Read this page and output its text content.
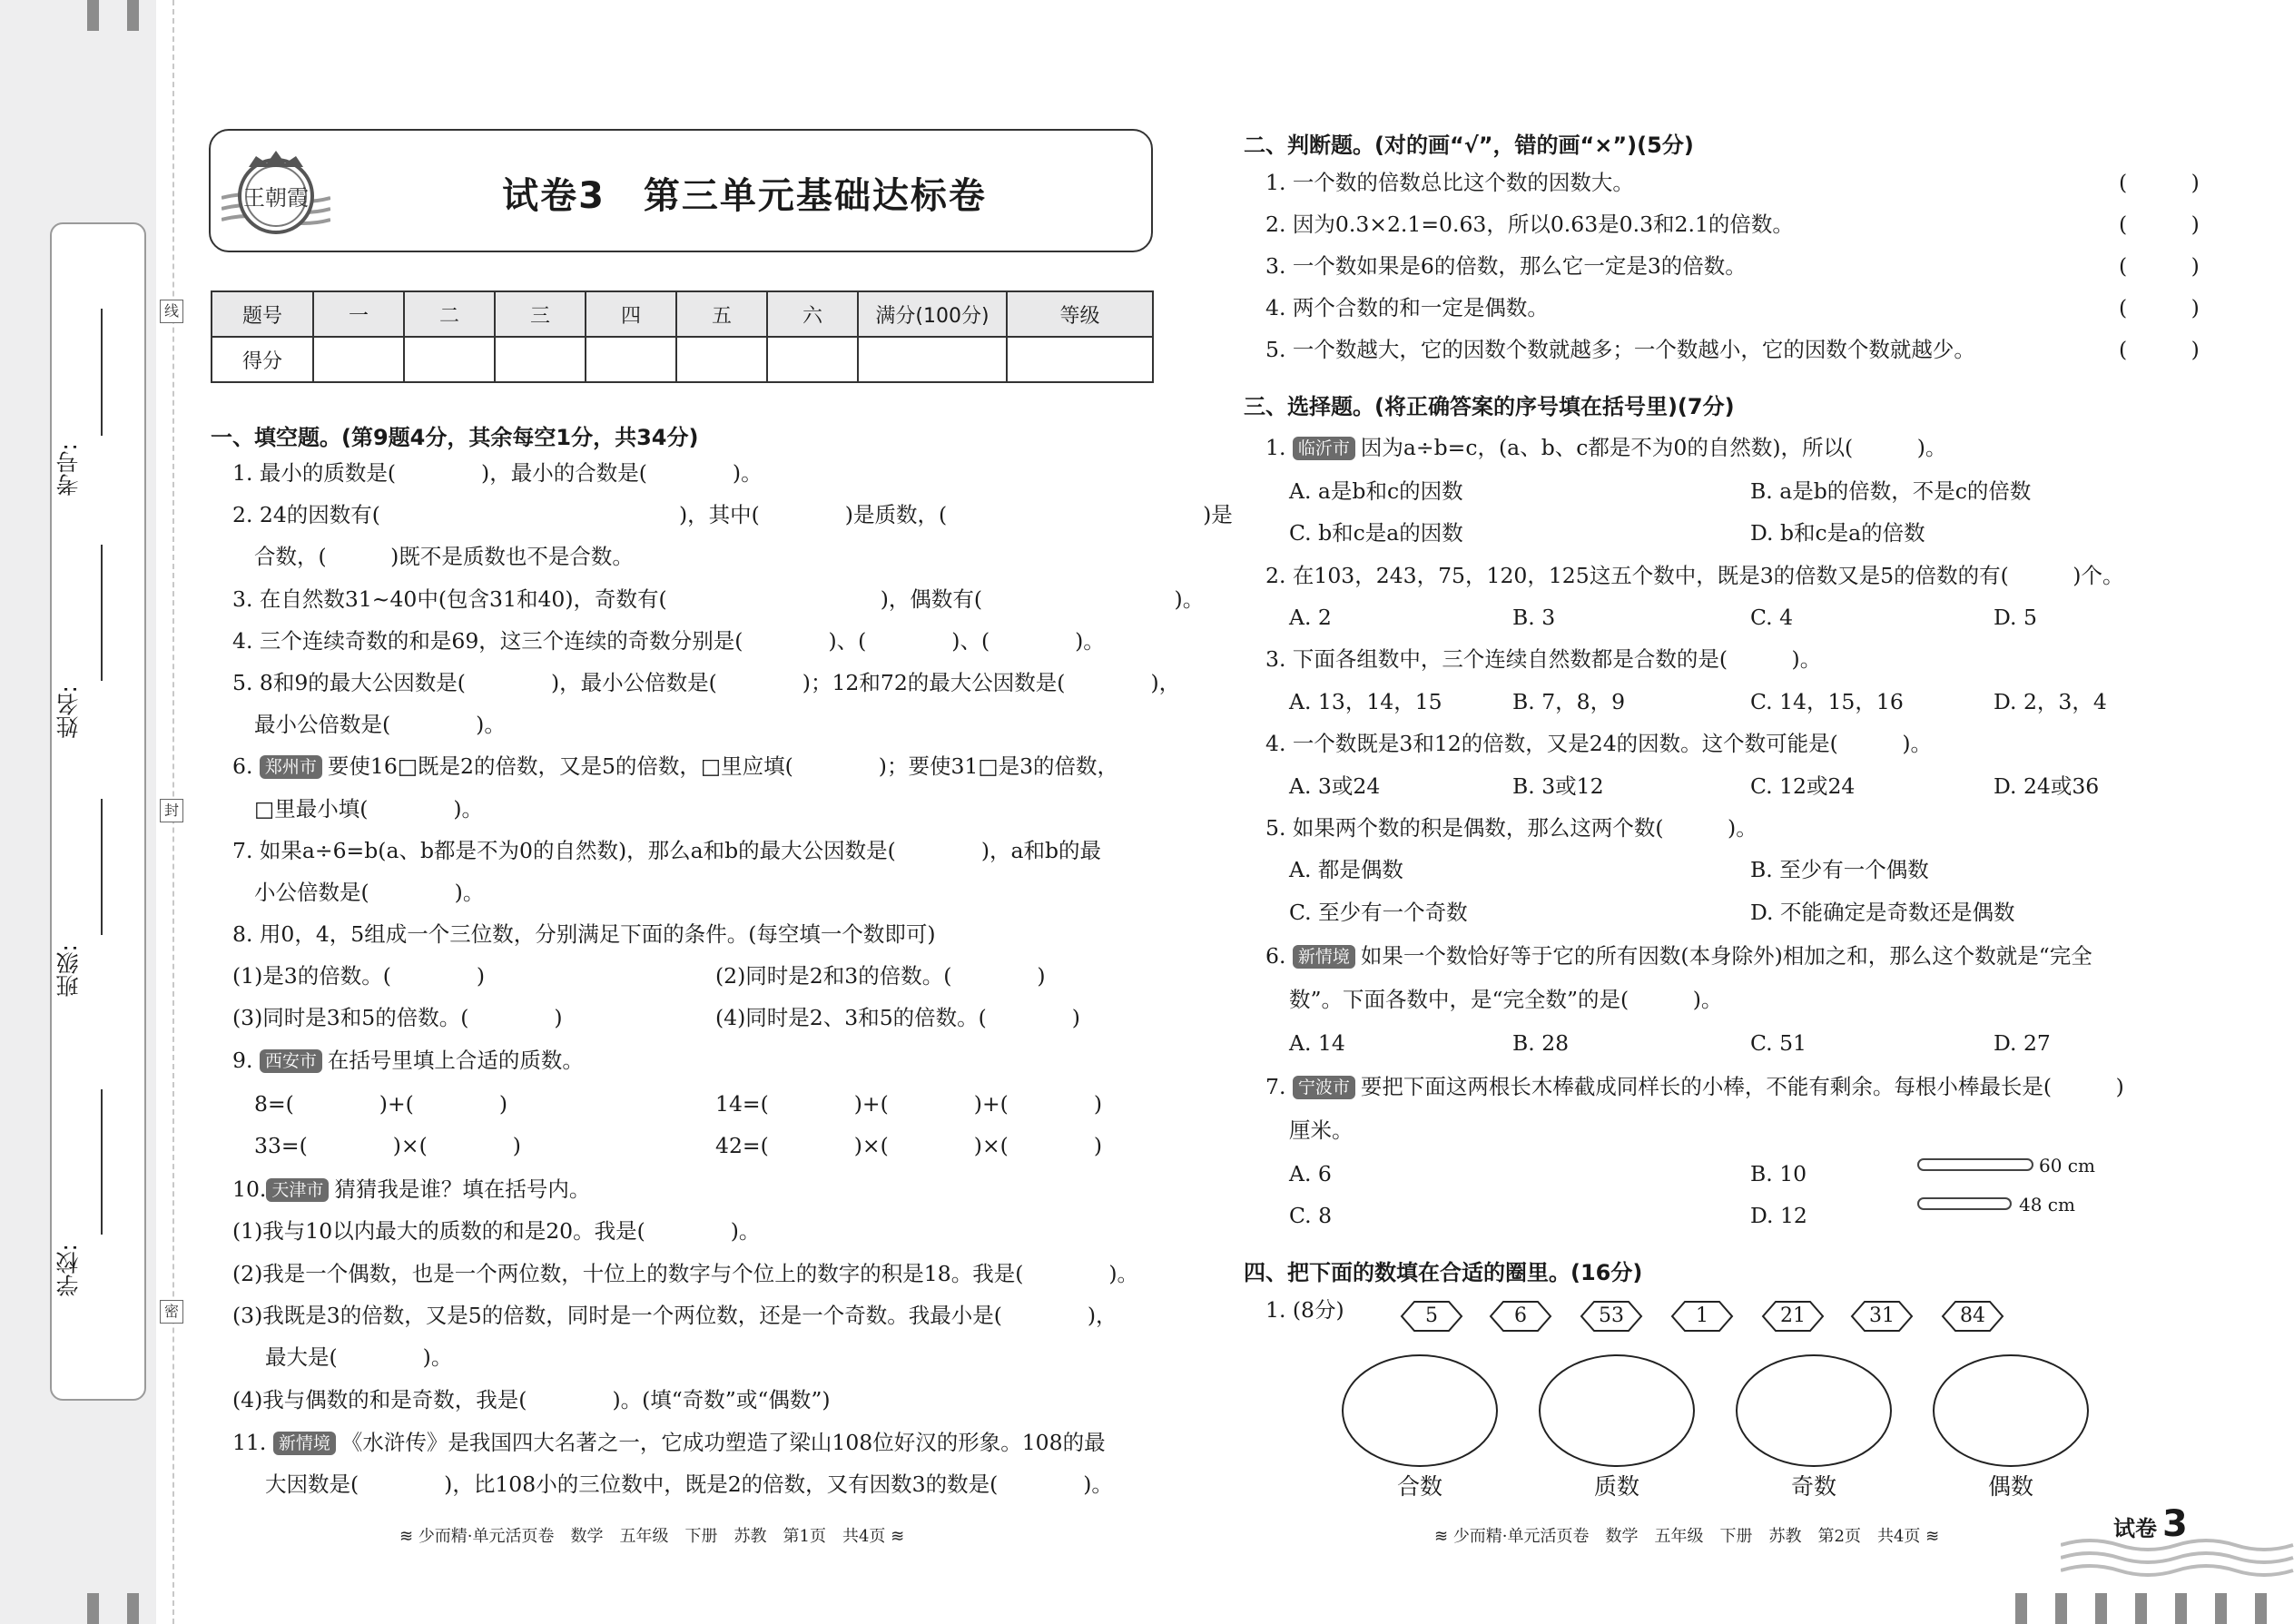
考号:
姓名:
班级:
学校:
线
封
密
王朝霞	试卷3　第三单元基础达标卷
题号	一	二	三	四	五	六	满分(100分)	等级
得分								
一、填空题。(第9题4分，其余每空1分，共34分)
1. 最小的质数是(　　　　)，最小的合数是(　　　　)。
2. 24的因数有(　　　　　　　　　　　　　　)，其中(　　　　)是质数，(　　　　　　　　　　　　)是
合数，(　　　)既不是质数也不是合数。
3. 在自然数31~40中(包含31和40)，奇数有(　　　　　　　　　　)，偶数有(　　　　　　　　　)。
4. 三个连续奇数的和是69，这三个连续的奇数分别是(　　　　)、(　　　　)、(　　　　)。
5. 8和9的最大公因数是(　　　　)，最小公倍数是(　　　　)；12和72的最大公因数是(　　　　)，
最小公倍数是(　　　　)。
6. 郑州市 要使16□既是2的倍数，又是5的倍数，□里应填(　　　　)；要使31□是3的倍数，
□里最小填(　　　　)。
7. 如果a÷6=b(a、b都是不为0的自然数)，那么a和b的最大公因数是(　　　　)，a和b的最
小公倍数是(　　　　)。
8. 用0，4，5组成一个三位数，分别满足下面的条件。(每空填一个数即可)
(1)是3的倍数。(　　　　)	(2)同时是2和3的倍数。(　　　　)
(3)同时是3和5的倍数。(　　　　)	(4)同时是2、3和5的倍数。(　　　　)
9. 西安市 在括号里填上合适的质数。
8=(　　　　)+(　　　　)	14=(　　　　)+(　　　　)+(　　　　)
33=(　　　　)×(　　　　)	42=(　　　　)×(　　　　)×(　　　　)
10. 天津市 猜猜我是谁？填在括号内。
(1)我与10以内最大的质数的和是20。我是(　　　　)。
(2)我是一个偶数，也是一个两位数，十位上的数字与个位上的数字的积是18。我是(　　　　)。
(3)我既是3的倍数，又是5的倍数，同时是一个两位数，还是一个奇数。我最小是(　　　　)，
最大是(　　　　)。
(4)我与偶数的和是奇数，我是(　　　　)。(填“奇数”或“偶数”)
11. 新情境 《水浒传》是我国四大名著之一，它成功塑造了梁山108位好汉的形象。108的最
大因数是(　　　　)，比108小的三位数中，既是2的倍数，又有因数3的数是(　　　　)。
≋ 少而精·单元活页卷　数学　五年级　下册　苏教　第1页　共4页 ≋
二、判断题。(对的画“√”，错的画“×”)(5分)
1. 一个数的倍数总比这个数的因数大。	(　　　)
2. 因为0.3×2.1=0.63，所以0.63是0.3和2.1的倍数。	(　　　)
3. 一个数如果是6的倍数，那么它一定是3的倍数。	(　　　)
4. 两个合数的和一定是偶数。	(　　　)
5. 一个数越大，它的因数个数就越多；一个数越小，它的因数个数就越少。	(　　　)
三、选择题。(将正确答案的序号填在括号里)(7分)
1. 临沂市 因为a÷b=c，(a、b、c都是不为0的自然数)，所以(　　　)。
A. a是b和c的因数	B. a是b的倍数，不是c的倍数
C. b和c是a的因数	D. b和c是a的倍数
2. 在103，243，75，120，125这五个数中，既是3的倍数又是5的倍数的有(　　　)个。
A. 2	B. 3	C. 4	D. 5
3. 下面各组数中，三个连续自然数都是合数的是(　　　)。
A. 13，14，15	B. 7，8，9	C. 14，15，16	D. 2，3，4
4. 一个数既是3和12的倍数，又是24的因数。这个数可能是(　　　)。
A. 3或24	B. 3或12	C. 12或24	D. 24或36
5. 如果两个数的积是偶数，那么这两个数(　　　)。
A. 都是偶数	B. 至少有一个偶数
C. 至少有一个奇数	D. 不能确定是奇数还是偶数
6. 新情境 如果一个数恰好等于它的所有因数(本身除外)相加之和，那么这个数就是“完全
数”。下面各数中，是“完全数”的是(　　　)。
A. 14	B. 28	C. 51	D. 27
7. 宁波市 要把下面这两根长木棒截成同样长的小棒，不能有剩余。每根小棒最长是(　　　)
厘米。
A. 6	B. 10
C. 8	D. 12
60 cm
48 cm
四、把下面的数填在合适的圈里。(16分)
1. (8分)	5	6	53	1	21	31	84
合数	质数	奇数	偶数
≋ 少而精·单元活页卷　数学　五年级　下册　苏教　第2页　共4页 ≋	试卷 3
